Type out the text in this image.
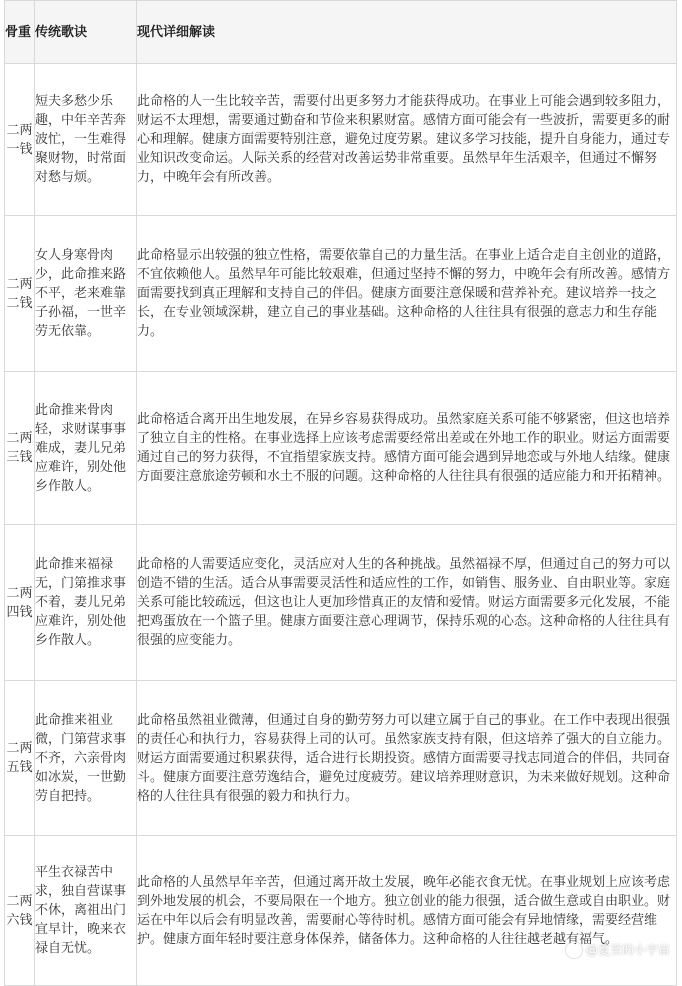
骨重	传统歌诀	现代详细解读
二两一钱	短夫多愁少乐趣，中年辛苦奔波忙，一生难得聚财物，时常面对愁与烦。	此命格的人一生比较辛苦，需要付出更多努力才能获得成功。在事业上可能会遇到较多阻力，财运不太理想，需要通过勤奋和节俭来积累财富。感情方面可能会有一些波折，需要更多的耐心和理解。健康方面需要特别注意，避免过度劳累。建议多学习技能，提升自身能力，通过专业知识改变命运。人际关系的经营对改善运势非常重要。虽然早年生活艰辛，但通过不懈努力，中晚年会有所改善。
二两二钱	女人身寒骨肉少，此命推来路不平，老来难靠子孙福，一世辛劳无依靠。	此命格显示出较强的独立性格，需要依靠自己的力量生活。在事业上适合走自主创业的道路，不宜依赖他人。虽然早年可能比较艰难，但通过坚持不懈的努力，中晚年会有所改善。感情方面需要找到真正理解和支持自己的伴侣。健康方面要注意保暖和营养补充。建议培养一技之长，在专业领域深耕，建立自己的事业基础。这种命格的人往往具有很强的意志力和生存能力。
二两三钱	此命推来骨肉轻，求财谋事事难成，妻儿兄弟应难许，别处他乡作散人。	此命格适合离开出生地发展，在异乡容易获得成功。虽然家庭关系可能不够紧密，但这也培养了独立自主的性格。在事业选择上应该考虑需要经常出差或在外地工作的职业。财运方面需要通过自己的努力获得，不宜指望家族支持。感情方面可能会遇到异地恋或与外地人结缘。健康方面要注意旅途劳顿和水土不服的问题。这种命格的人往往具有很强的适应能力和开拓精神。
二两四钱	此命推来福禄无，门第推求事不着，妻儿兄弟应难许，别处他乡作散人。	此命格的人需要适应变化，灵活应对人生的各种挑战。虽然福禄不厚，但通过自己的努力可以创造不错的生活。适合从事需要灵活性和适应性的工作，如销售、服务业、自由职业等。家庭关系可能比较疏远，但这也让人更加珍惜真正的友情和爱情。财运方面需要多元化发展，不能把鸡蛋放在一个篮子里。健康方面要注意心理调节，保持乐观的心态。这种命格的人往往具有很强的应变能力。
二两五钱	此命推来祖业微，门第营求事不齐，六亲骨肉如冰炭，一世勤劳自把持。	此命格虽然祖业微薄，但通过自身的勤劳努力可以建立属于自己的事业。在工作中表现出很强的责任心和执行力，容易获得上司的认可。虽然家族支持有限，但这培养了强大的自立能力。财运方面需要通过积累获得，适合进行长期投资。感情方面需要寻找志同道合的伴侣，共同奋斗。健康方面要注意劳逸结合，避免过度疲劳。建议培养理财意识，为未来做好规划。这种命格的人往往具有很强的毅力和执行力。
二两六钱	平生衣禄苦中求，独自营谋事不休，离祖出门宜早计，晚来衣禄自无忧。	此命格的人虽然早年辛苦，但通过离开故土发展，晚年必能衣食无忧。在事业规划上应该考虑到外地发展的机会，不要局限在一个地方。独立创业的能力很强，适合做生意或自由职业。财运在中年以后会有明显改善，需要耐心等待时机。感情方面可能会有异地情缘，需要经营维护。健康方面年轻时要注意身体保养，储备体力。这种命格的人往往越老越有福气。
@夏至的小宇宙
